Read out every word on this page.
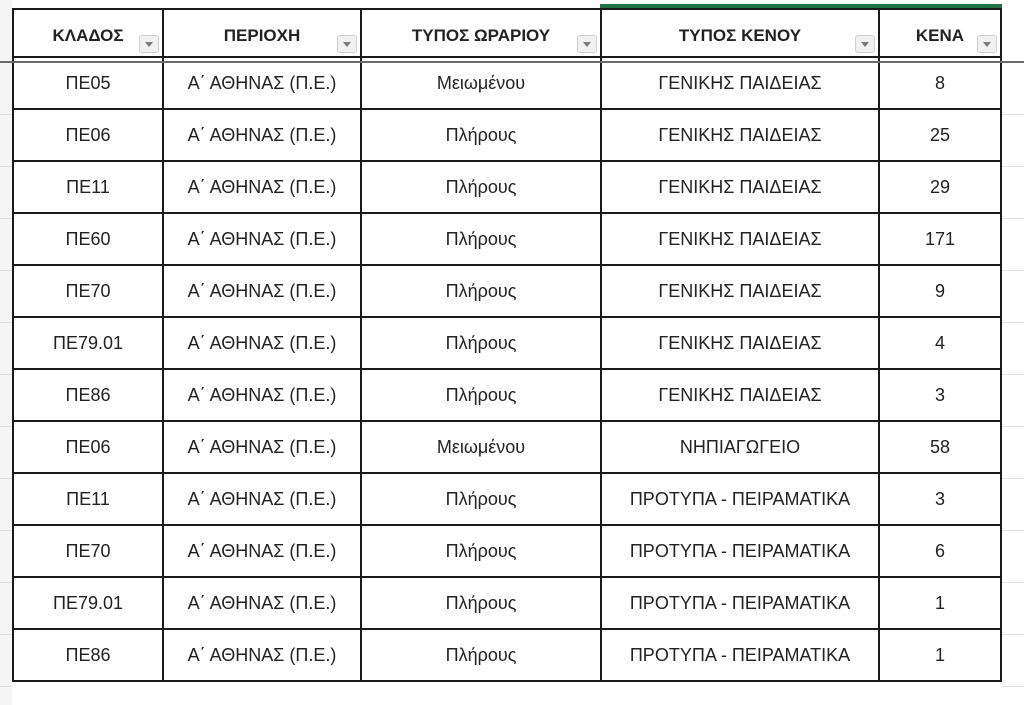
ΚΛΑΔΟΣ	ΠΕΡΙΟΧΗ	ΤΥΠΟΣ ΩΡΑΡΙΟΥ	ΤΥΠΟΣ ΚΕΝΟΥ	ΚΕΝΑ

ΠΕ05	Α΄ ΑΘΗΝΑΣ (Π.Ε.)	Μειωμένου	ΓΕΝΙΚΗΣ ΠΑΙΔΕΙΑΣ	8
ΠΕ06	Α΄ ΑΘΗΝΑΣ (Π.Ε.)	Πλήρους	ΓΕΝΙΚΗΣ ΠΑΙΔΕΙΑΣ	25
ΠΕ11	Α΄ ΑΘΗΝΑΣ (Π.Ε.)	Πλήρους	ΓΕΝΙΚΗΣ ΠΑΙΔΕΙΑΣ	29
ΠΕ60	Α΄ ΑΘΗΝΑΣ (Π.Ε.)	Πλήρους	ΓΕΝΙΚΗΣ ΠΑΙΔΕΙΑΣ	171
ΠΕ70	Α΄ ΑΘΗΝΑΣ (Π.Ε.)	Πλήρους	ΓΕΝΙΚΗΣ ΠΑΙΔΕΙΑΣ	9
ΠΕ79.01	Α΄ ΑΘΗΝΑΣ (Π.Ε.)	Πλήρους	ΓΕΝΙΚΗΣ ΠΑΙΔΕΙΑΣ	4
ΠΕ86	Α΄ ΑΘΗΝΑΣ (Π.Ε.)	Πλήρους	ΓΕΝΙΚΗΣ ΠΑΙΔΕΙΑΣ	3
ΠΕ06	Α΄ ΑΘΗΝΑΣ (Π.Ε.)	Μειωμένου	ΝΗΠΙΑΓΩΓΕΙΟ	58
ΠΕ11	Α΄ ΑΘΗΝΑΣ (Π.Ε.)	Πλήρους	ΠΡΟΤΥΠΑ - ΠΕΙΡΑΜΑΤΙΚΑ	3
ΠΕ70	Α΄ ΑΘΗΝΑΣ (Π.Ε.)	Πλήρους	ΠΡΟΤΥΠΑ - ΠΕΙΡΑΜΑΤΙΚΑ	6
ΠΕ79.01	Α΄ ΑΘΗΝΑΣ (Π.Ε.)	Πλήρους	ΠΡΟΤΥΠΑ - ΠΕΙΡΑΜΑΤΙΚΑ	1
ΠΕ86	Α΄ ΑΘΗΝΑΣ (Π.Ε.)	Πλήρους	ΠΡΟΤΥΠΑ - ΠΕΙΡΑΜΑΤΙΚΑ	1
